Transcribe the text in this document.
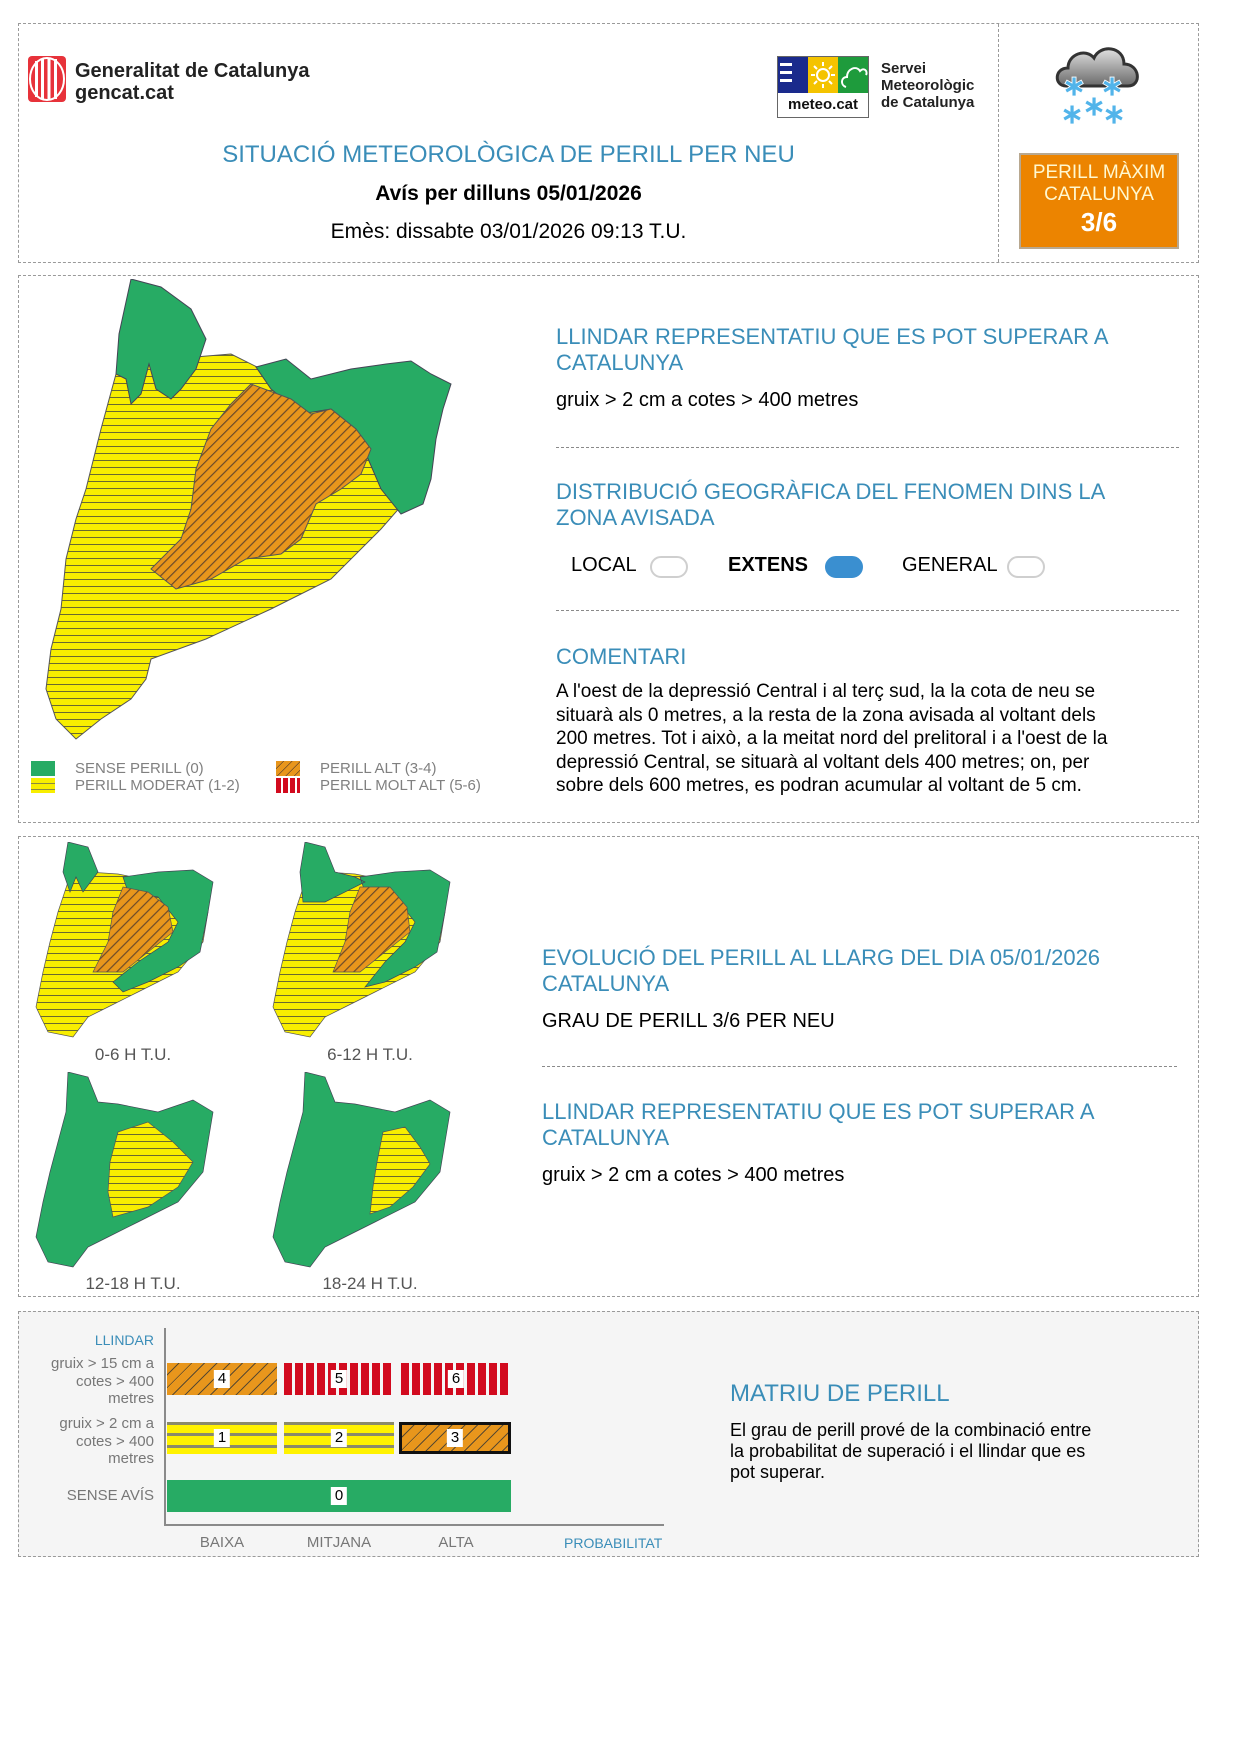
Generalitat de Catalunya
gencat.cat
meteo.cat
Servei
Meteorològic
de Catalunya
SITUACIÓ METEOROLÒGICA DE PERILL PER NEU
Avís per dilluns 05/01/2026
Emès: dissabte 03/01/2026 09:13 T.U.
✱ ✱
✱
✱ ✱
PERILL MÀXIM
CATALUNYA
3/6
SENSE PERILL (0)
PERILL MODERAT (1-2)
PERILL ALT (3-4)
PERILL MOLT ALT (5-6)
LLINDAR REPRESENTATIU QUE ES POT SUPERAR A
CATALUNYA
gruix > 2 cm a cotes > 400 metres
DISTRIBUCIÓ GEOGRÀFICA DEL FENOMEN DINS LA
ZONA AVISADA
LOCAL	EXTENS	GENERAL
COMENTARI
A l'oest de la depressió Central i al terç sud, la la cota de neu se
situarà als 0 metres, a la resta de la zona avisada al voltant dels
200 metres. Tot i això, a la meitat nord del prelitoral i a l'oest de la
depressió Central, se situarà al voltant dels 400 metres; on, per
sobre dels 600 metres, es podran acumular al voltant de 5 cm.
0-6 H T.U.	6-12 H T.U.
12-18 H T.U.	18-24 H T.U.
EVOLUCIÓ DEL PERILL AL LLARG DEL DIA 05/01/2026
CATALUNYA
GRAU DE PERILL 3/6 PER NEU
LLINDAR REPRESENTATIU QUE ES POT SUPERAR A
CATALUNYA
gruix > 2 cm a cotes > 400 metres
LLINDAR
gruix > 15 cm a
cotes > 400
metres
gruix > 2 cm a
cotes > 400
metres
SENSE AVÍS
4	5	6
1	2	3
0
BAIXA	MITJANA	ALTA	PROBABILITAT
MATRIU DE PERILL
El grau de perill prové de la combinació entre
la probabilitat de superació i el llindar que es
pot superar.
